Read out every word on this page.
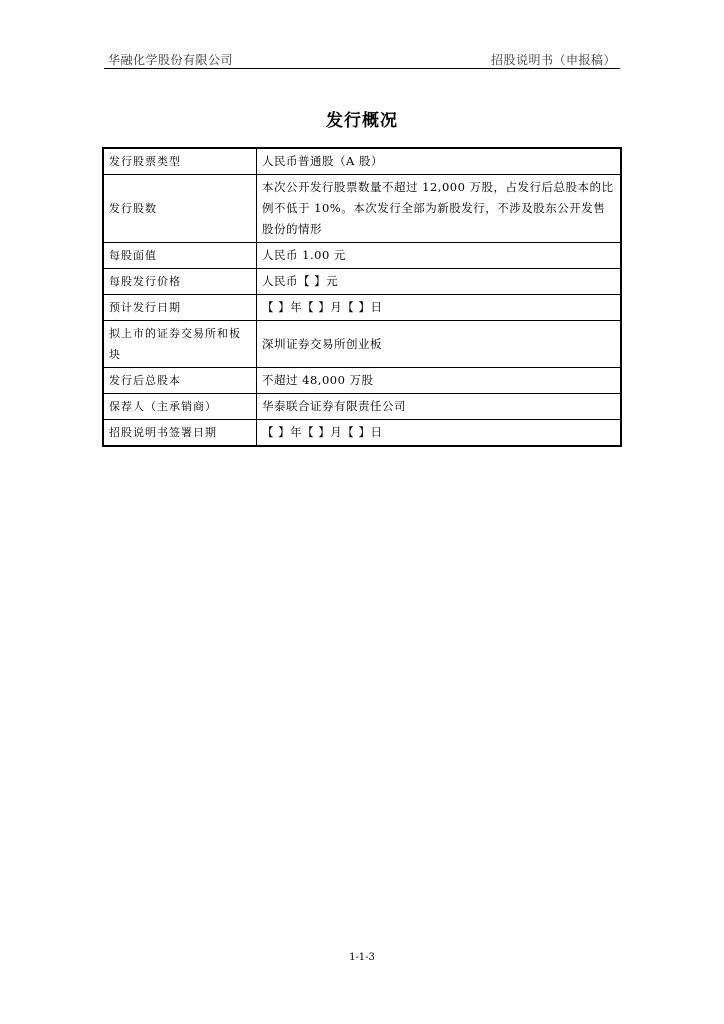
华融化学股份有限公司	招股说明书（申报稿）
发行概况
发行股票类型	人民币普通股（A 股）
发行股数	本次公开发行股票数量不超过 12,000 万股，占发行后总股本的比例不低于 10%。本次发行全部为新股发行，不涉及股东公开发售股份的情形
每股面值	人民币 1.00 元
每股发行价格	人民币【 】元
预计发行日期	【 】年【 】月【 】日
拟上市的证券交易所和板块	深圳证券交易所创业板
发行后总股本	不超过 48,000 万股
保荐人（主承销商）	华泰联合证券有限责任公司
招股说明书签署日期	【 】年【 】月【 】日
1-1-3
